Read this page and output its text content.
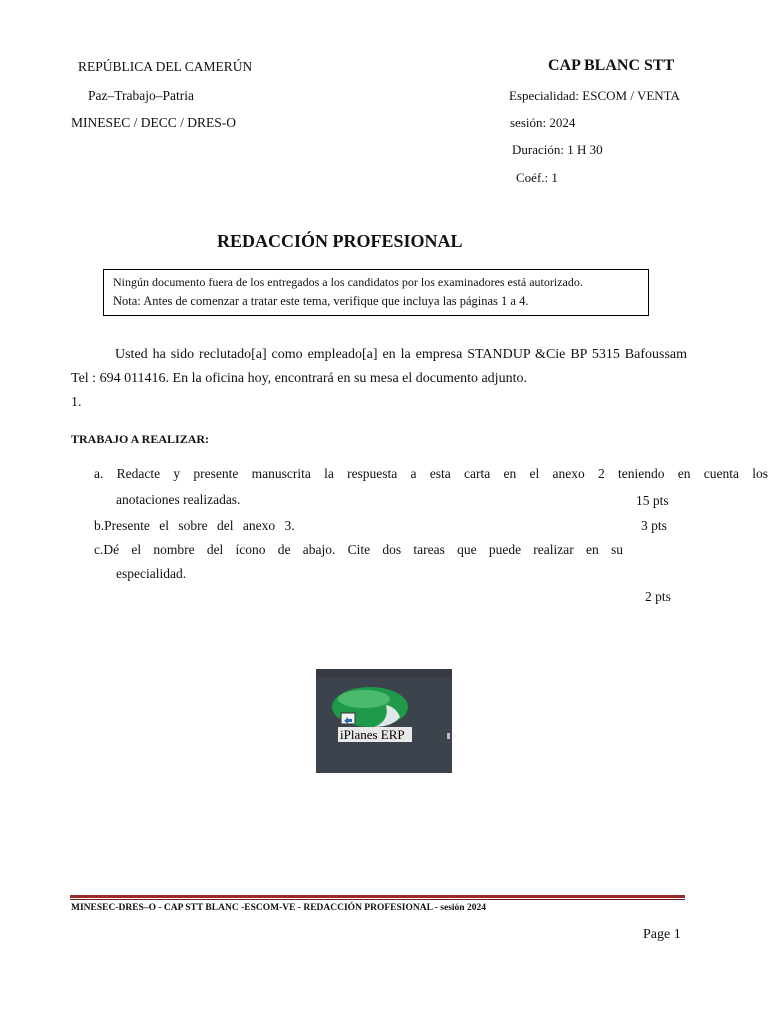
REPÚBLICA DEL CAMERÚN
Paz–Trabajo–Patria
MINESEC / DECC / DRES-O
CAP BLANC STT
Especialidad: ESCOM / VENTA
sesión: 2024
Duración: 1 H 30
Coéf.: 1
REDACCIÓN PROFESIONAL
Ningún documento fuera de los entregados a los candidatos por los examinadores está autorizado.
Nota: Antes de comenzar a tratar este tema, verifique que incluya las páginas 1 a 4.

Usted ha sido reclutado[a] como empleado[a] en la empresa STANDUP &Cie BP 5315 Bafoussam Tel : 694 011416. En la oficina hoy, encontrará en su mesa el documento adjunto.

1.

TRABAJO A REALIZAR:
a. Redacte y presente manuscrita la respuesta a esta carta en el anexo 2 teniendo en cuenta los
anotaciones realizadas.	15 pts
b.Presente el sobre del anexo 3.	3 pts
c.Dé el nombre del ícono de abajo. Cite dos tareas que puede realizar en su
especialidad.
2 pts
iPlanes ERP
MINESEC-DRES–O - CAP STT BLANC -ESCOM-VE - REDACCIÓN PROFESIONAL - sesión 2024
Page 1
